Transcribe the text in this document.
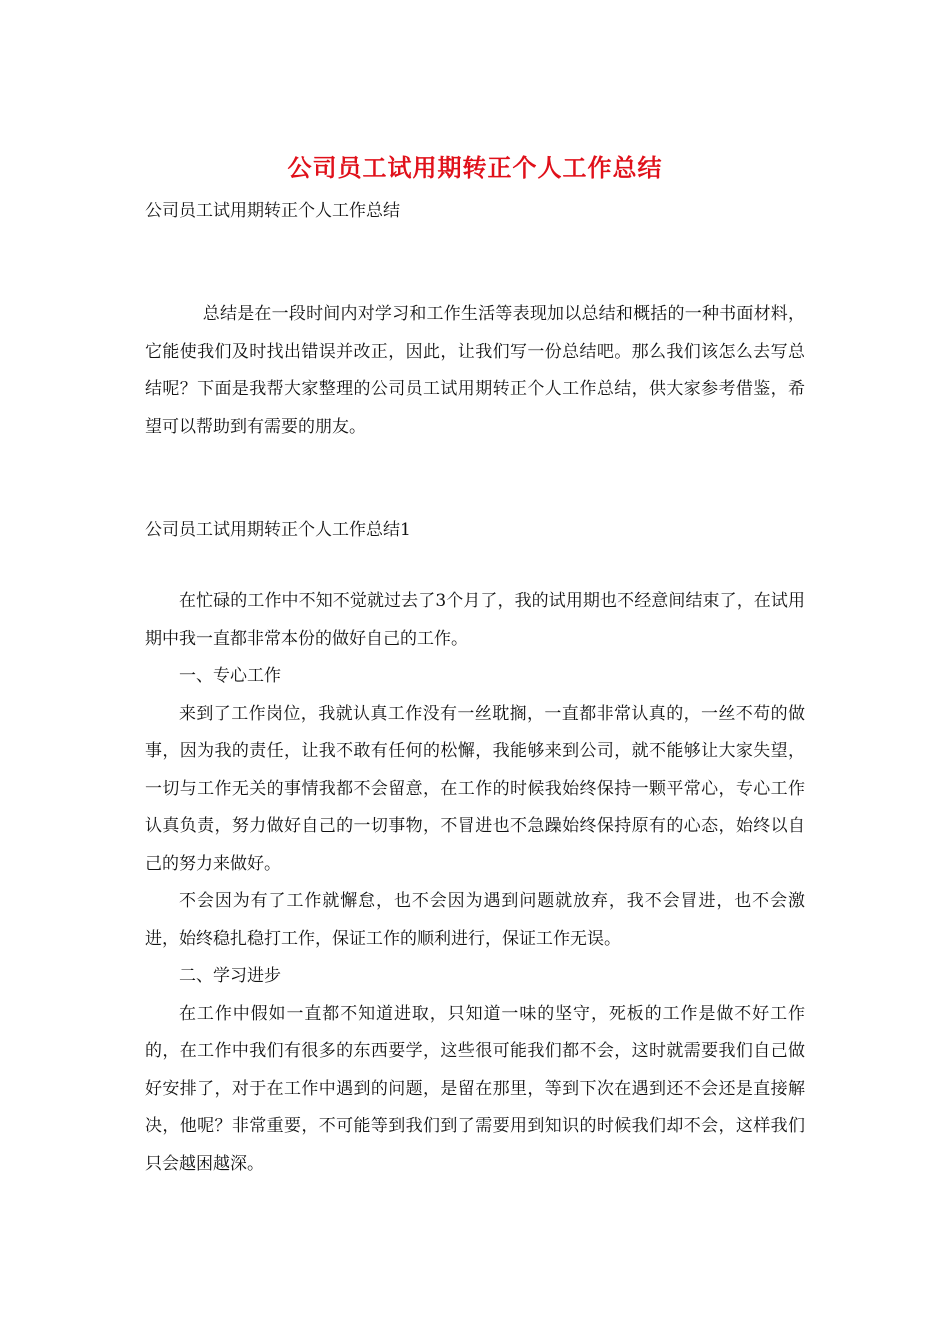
公司员工试用期转正个人工作总结
公司员工试用期转正个人工作总结

总结是在一段时间内对学习和工作生活等表现加以总结和概括的一种书面材料，它能使我们及时找出错误并改正，因此，让我们写一份总结吧。那么我们该怎么去写总结呢？下面是我帮大家整理的公司员工试用期转正个人工作总结，供大家参考借鉴，希望可以帮助到有需要的朋友。

公司员工试用期转正个人工作总结1

在忙碌的工作中不知不觉就过去了3个月了，我的试用期也不经意间结束了，在试用期中我一直都非常本份的做好自己的工作。

一、专心工作

来到了工作岗位，我就认真工作没有一丝耽搁，一直都非常认真的，一丝不苟的做事，因为我的责任，让我不敢有任何的松懈，我能够来到公司，就不能够让大家失望，一切与工作无关的事情我都不会留意，在工作的时候我始终保持一颗平常心，专心工作认真负责，努力做好自己的一切事物，不冒进也不急躁始终保持原有的心态，始终以自己的努力来做好。

不会因为有了工作就懈怠，也不会因为遇到问题就放弃，我不会冒进，也不会激进，始终稳扎稳打工作，保证工作的顺利进行，保证工作无误。

二、学习进步

在工作中假如一直都不知道进取，只知道一味的坚守，死板的工作是做不好工作的，在工作中我们有很多的东西要学，这些很可能我们都不会，这时就需要我们自己做好安排了，对于在工作中遇到的问题，是留在那里，等到下次在遇到还不会还是直接解决，他呢？非常重要，不可能等到我们到了需要用到知识的时候我们却不会，这样我们只会越困越深。
